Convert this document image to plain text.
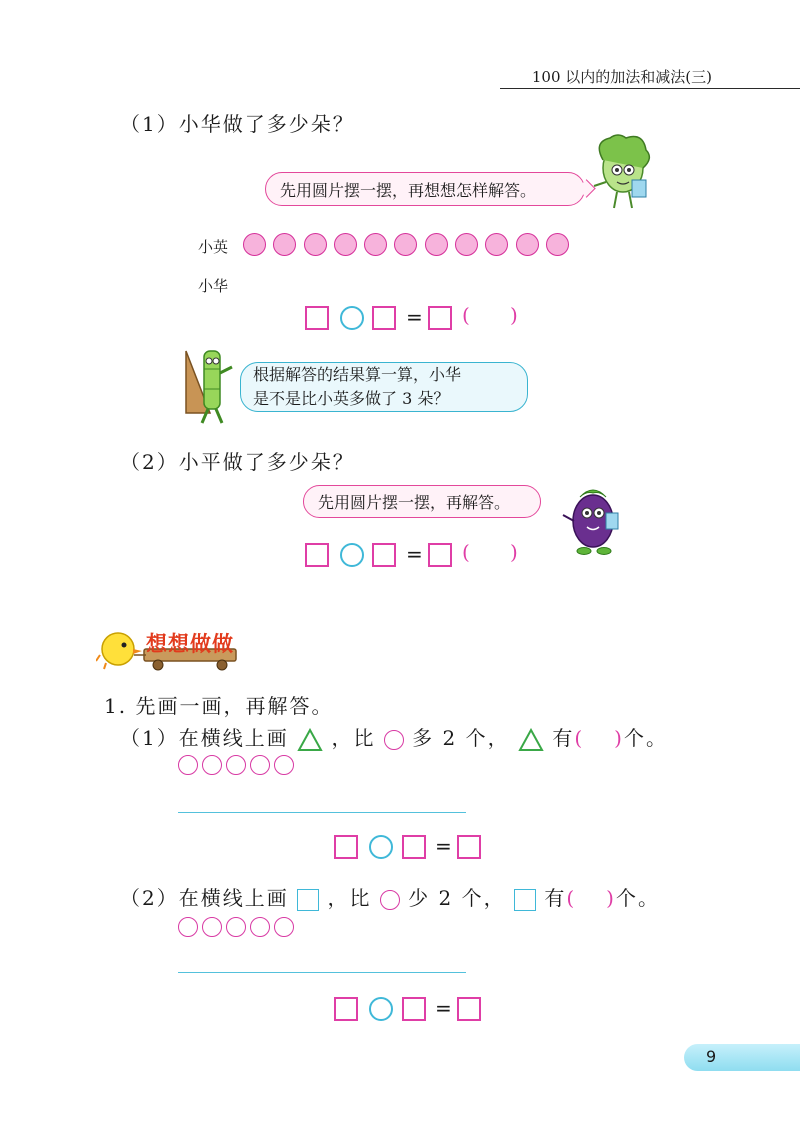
100 以内的加法和减法(三)
（1）小华做了多少朵？
先用圆片摆一摆，再想想怎样解答。
小英
小华
= ( )
根据解答的结果算一算，小华
是不是比小英多做了 3 朵？
（2）小平做了多少朵？
先用圆片摆一摆，再解答。
= ( )
想想做做
1. 先画一画，再解答。
（1）在横线上画 ，比 多 2 个， 有( )个。
=
（2）在横线上画 ，比 少 2 个， 有( )个。
=
9
